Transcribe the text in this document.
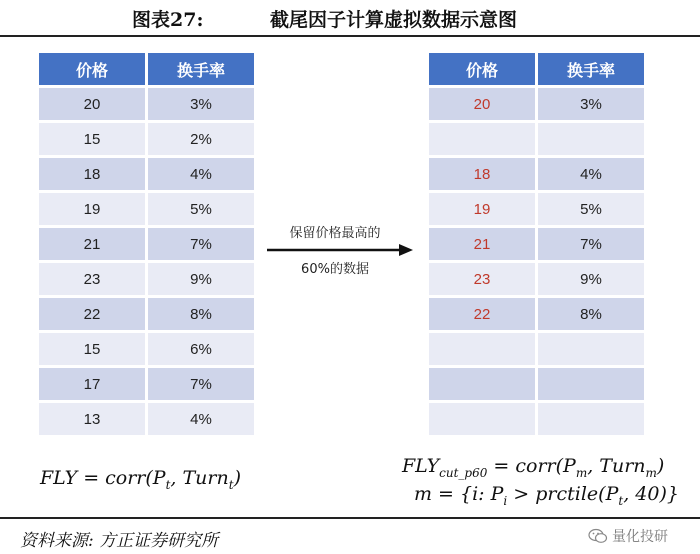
图表27:	截尾因子计算虚拟数据示意图
价格	换手率
20	3%
15	2%
18	4%
19	5%
21	7%
23	9%
22	8%
15	6%
17	7%
13	4%
保留价格最高的
60%的数据
价格	换手率
20	3%

18	4%
19	5%
21	7%
23	9%
22	8%

FLY = $corr(P_t$, Turn$_t$)
$FLY_{cut\_p60}$ = $corr(P_m$, Turn$_m$)
m = {i: $P_i$ > $prctile(P_t$, 40)}
资料来源: 方正证券研究所	量化投研
